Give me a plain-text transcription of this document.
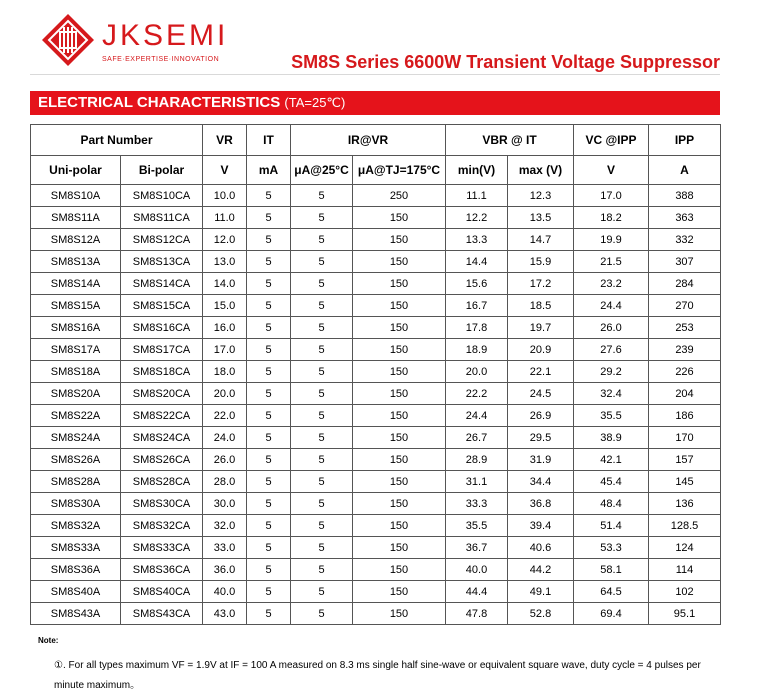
JKSEMI
SAFE·EXPERTISE·INNOVATION	SM8S Series 6600W Transient Voltage Suppressor
ELECTRICAL CHARACTERISTICS (TA=25℃)
Part Number		VR	IT	IR@VR		VBR @ IT		VC @IPP	IPP
Uni-polar	Bi-polar	V	mA	μA@25°C	μA@TJ=175°C	min(V)	max (V)	V	A
SM8S10A	SM8S10CA	10.0	5	5	250	11.1	12.3	17.0	388
SM8S11A	SM8S11CA	11.0	5	5	150	12.2	13.5	18.2	363
SM8S12A	SM8S12CA	12.0	5	5	150	13.3	14.7	19.9	332
SM8S13A	SM8S13CA	13.0	5	5	150	14.4	15.9	21.5	307
SM8S14A	SM8S14CA	14.0	5	5	150	15.6	17.2	23.2	284
SM8S15A	SM8S15CA	15.0	5	5	150	16.7	18.5	24.4	270
SM8S16A	SM8S16CA	16.0	5	5	150	17.8	19.7	26.0	253
SM8S17A	SM8S17CA	17.0	5	5	150	18.9	20.9	27.6	239
SM8S18A	SM8S18CA	18.0	5	5	150	20.0	22.1	29.2	226
SM8S20A	SM8S20CA	20.0	5	5	150	22.2	24.5	32.4	204
SM8S22A	SM8S22CA	22.0	5	5	150	24.4	26.9	35.5	186
SM8S24A	SM8S24CA	24.0	5	5	150	26.7	29.5	38.9	170
SM8S26A	SM8S26CA	26.0	5	5	150	28.9	31.9	42.1	157
SM8S28A	SM8S28CA	28.0	5	5	150	31.1	34.4	45.4	145
SM8S30A	SM8S30CA	30.0	5	5	150	33.3	36.8	48.4	136
SM8S32A	SM8S32CA	32.0	5	5	150	35.5	39.4	51.4	128.5
SM8S33A	SM8S33CA	33.0	5	5	150	36.7	40.6	53.3	124
SM8S36A	SM8S36CA	36.0	5	5	150	40.0	44.2	58.1	114
SM8S40A	SM8S40CA	40.0	5	5	150	44.4	49.1	64.5	102
SM8S43A	SM8S43CA	43.0	5	5	150	47.8	52.8	69.4	95.1
Note:
①. For all types maximum VF = 1.9V at IF = 100 A measured on 8.3 ms single half sine-wave or equivalent square wave, duty cycle = 4 pulses per minute maximum。
